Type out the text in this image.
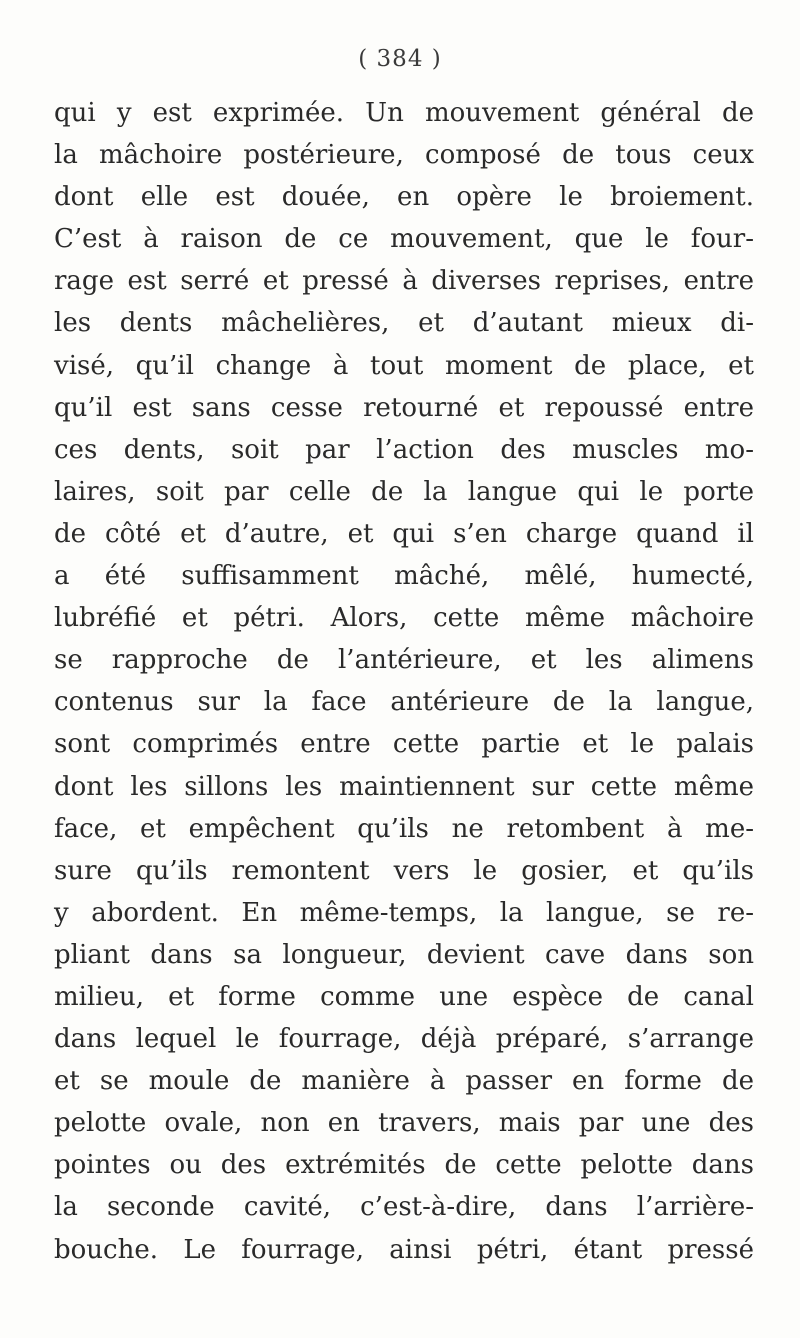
( 384 )
qui y est exprimée. Un mouvement général de
la mâchoire postérieure, composé de tous ceux
dont elle est douée, en opère le broiement.
C’est à raison de ce mouvement, que le four-
rage est serré et pressé à diverses reprises, entre
les dents mâchelières, et d’autant mieux di-
visé, qu’il change à tout moment de place, et
qu’il est sans cesse retourné et repoussé entre
ces dents, soit par l’action des muscles mo-
laires, soit par celle de la langue qui le porte
de côté et d’autre, et qui s’en charge quand il
a été suffisamment mâché, mêlé, humecté,
lubréfié et pétri. Alors, cette même mâchoire
se rapproche de l’antérieure, et les alimens
contenus sur la face antérieure de la langue,
sont comprimés entre cette partie et le palais
dont les sillons les maintiennent sur cette même
face, et empêchent qu’ils ne retombent à me-
sure qu’ils remontent vers le gosier, et qu’ils
y abordent. En même-temps, la langue, se re-
pliant dans sa longueur, devient cave dans son
milieu, et forme comme une espèce de canal
dans lequel le fourrage, déjà préparé, s’arrange
et se moule de manière à passer en forme de
pelotte ovale, non en travers, mais par une des
pointes ou des extrémités de cette pelotte dans
la seconde cavité, c’est-à-dire, dans l’arrière-
bouche. Le fourrage, ainsi pétri, étant pressé
